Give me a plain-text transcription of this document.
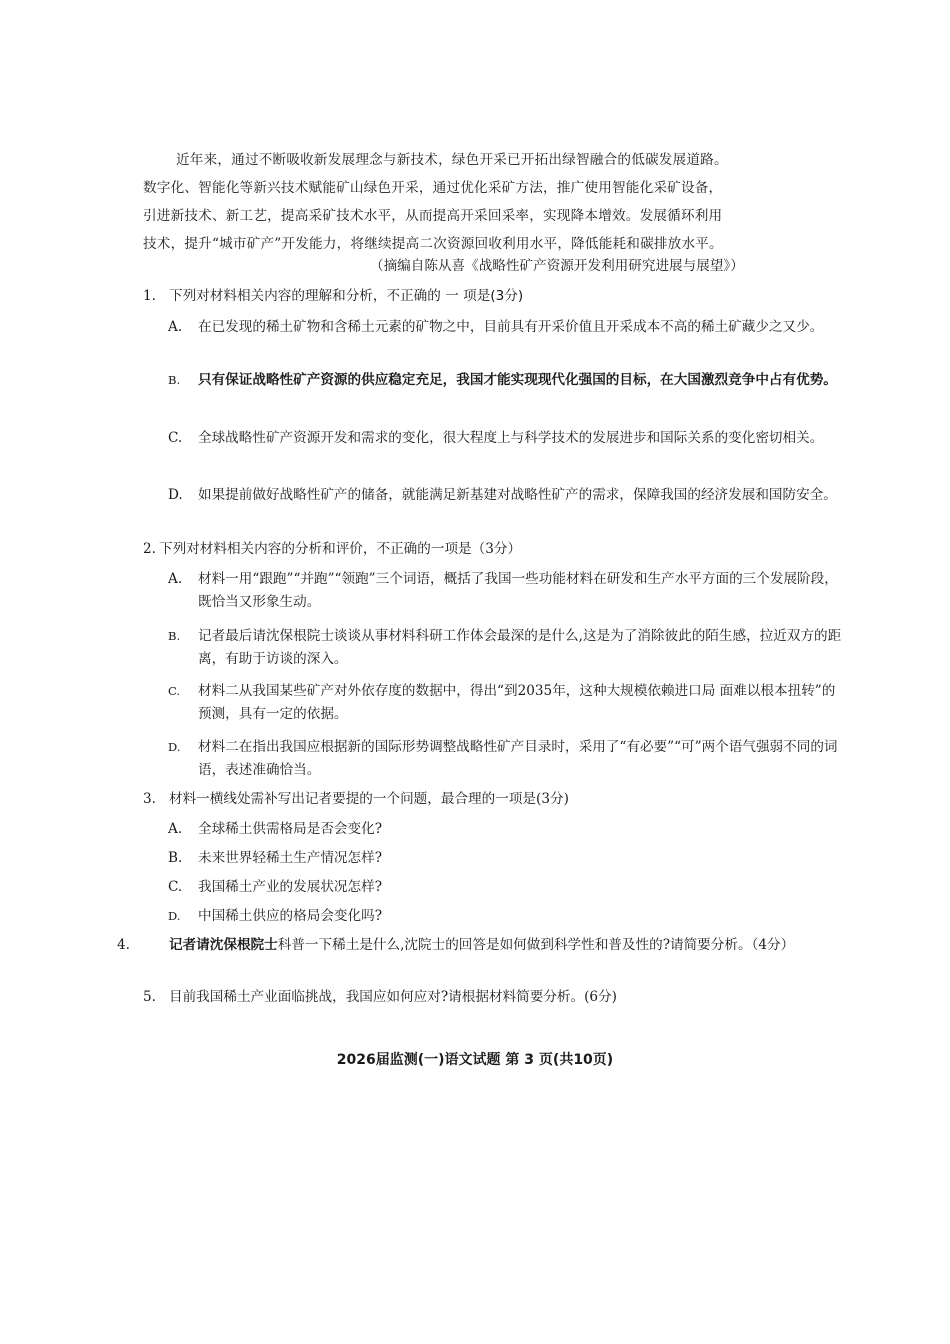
近年来，通过不断吸收新发展理念与新技术，绿色开采已开拓出绿智融合的低碳发展道路。
数字化、智能化等新兴技术赋能矿山绿色开采，通过优化采矿方法，推广使用智能化采矿设备，
引进新技术、新工艺，提高采矿技术水平，从而提高开采回采率，实现降本增效。发展循环利用
技术，提升“城市矿产”开发能力，将继续提高二次资源回收利用水平，降低能耗和碳排放水平。
（摘编自陈从喜《战略性矿产资源开发利用研究进展与展望》）
1. 下列对材料相关内容的理解和分析，不正确的 一 项是(3分)
A.	在已发现的稀土矿物和含稀土元素的矿物之中，目前具有开采价值且开采成本不高的稀土矿藏少之又少。
B.	只有保证战略性矿产资源的供应稳定充足，我国才能实现现代化强国的目标，在大国激烈竞争中占有优势。
C.	全球战略性矿产资源开发和需求的变化，很大程度上与科学技术的发展进步和国际关系的变化密切相关。
D.	如果提前做好战略性矿产的储备，就能满足新基建对战略性矿产的需求，保障我国的经济发展和国防安全。
2. 下列对材料相关内容的分析和评价，不正确的一项是（3分）
A.	材料一用“跟跑”“并跑”“领跑”三个词语，概括了我国一些功能材料在研发和生产水平方面的三个发展阶段，既恰当又形象生动。
B.	记者最后请沈保根院士谈谈从事材料科研工作体会最深的是什么,这是为了消除彼此的陌生感，拉近双方的距离，有助于访谈的深入。
C.	材料二从我国某些矿产对外依存度的数据中，得出“到2035年，这种大规模依赖进口局 面难以根本扭转”的预测，具有一定的依据。
D.	材料二在指出我国应根据新的国际形势调整战略性矿产目录时，采用了“有必要”“可”两个语气强弱不同的词语，表述准确恰当。
3. 材料一横线处需补写出记者要提的一个问题，最合理的一项是(3分)
A.	全球稀土供需格局是否会变化?
B.	未来世界轻稀土生产情况怎样?
C.	我国稀土产业的发展状况怎样?
D.	中国稀土供应的格局会变化吗?
4.	记者请沈保根院士科普一下稀土是什么,沈院士的回答是如何做到科学性和普及性的?请简要分析。（4分）
5. 目前我国稀土产业面临挑战，我国应如何应对?请根据材料简要分析。(6分)
2026届监测(一)语文试题 第 3 页(共10页)
